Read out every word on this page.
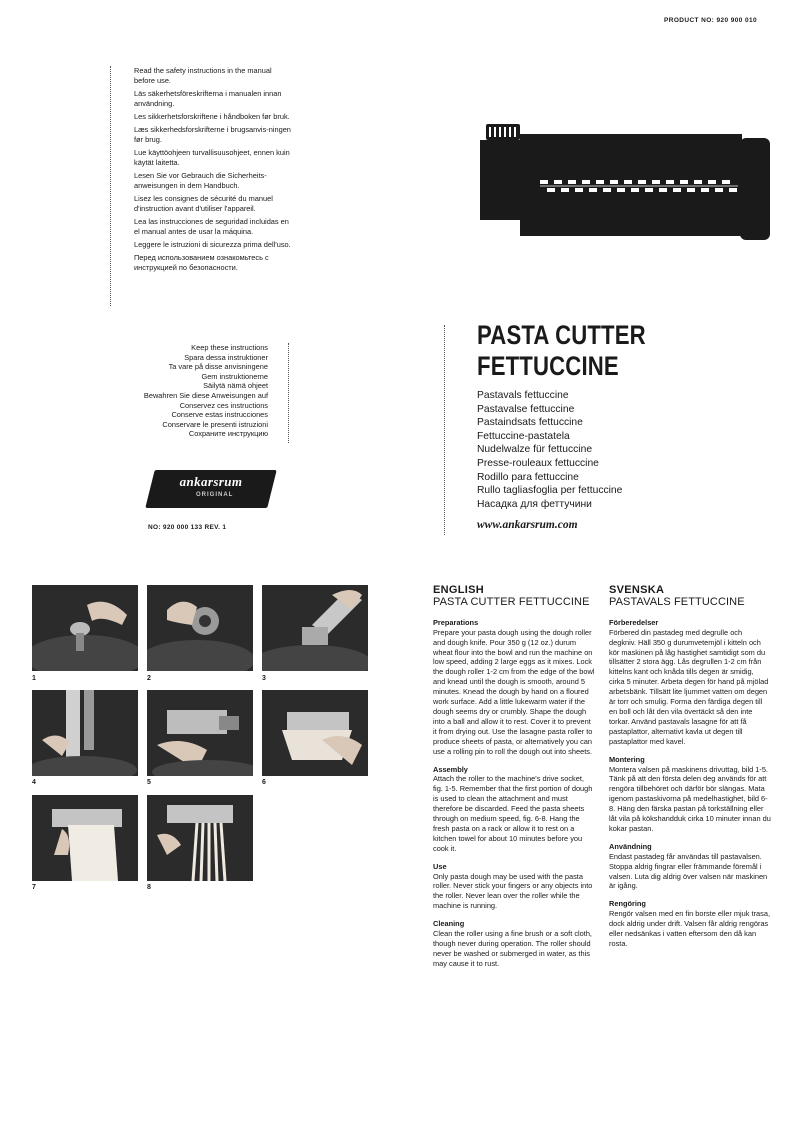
PRODUCT NO: 920 900 010

Read the safety instructions in the manual before use.

Läs säkerhetsföreskrifterna i manualen innan användning.

Les sikkerhetsforskriftene i håndboken før bruk.

Læs sikkerhedsforskrifterne i brugsanvis-ningen før brug.

Lue käyttöohjeen turvallisuusohjeet, ennen kuin käytät laitetta.

Lesen Sie vor Gebrauch die Sicherheits-anweisungen in dem Handbuch.

Lisez les consignes de sécurité du manuel d'instruction avant d'utiliser l'appareil.

Lea las instrucciones de seguridad incluidas en el manual antes de usar la máquina.

Leggere le istruzioni di sicurezza prima dell'uso.

Перед использованием ознакомьтесь с инструкцией по безопасности.

Keep these instructions
Spara dessa instruktioner
Ta vare på disse anvisningene
Gem instruktionerne
Säilytä nämä ohjeet
Bewahren Sie diese Anweisungen auf
Conservez ces instructions
Conserve estas instrucciones
Conservare le presenti istruzioni
Сохраните инструкцию
ankarsrum
ORIGINAL
NO: 920 000 133 REV. 1
PASTA CUTTER
FETTUCCINE
Pastavals fettuccine
Pastavalse fettuccine
Pastaindsats fettuccine
Fettuccine-pastatela
Nudelwalze für fettuccine
Presse-rouleaux fettuccine
Rodillo para fettuccine
Rullo tagliasfoglia per fettuccine
Насадка для феттучини
www.ankarsrum.com
1	2	3
4	5	6
7	8
ENGLISH
PASTA CUTTER FETTUCCINE
Preparations

Prepare your pasta dough using the dough roller and dough knife. Pour 350 g (12 oz.) durum wheat flour into the bowl and run the machine on low speed, adding 2 large eggs as it mixes. Lock the dough roller 1-2 cm from the edge of the bowl and knead until the dough is smooth, around 5 minutes. Knead the dough by hand on a floured work surface. Add a little lukewarm water if the dough seems dry or crumbly. Shape the dough into a ball and allow it to rest. Cover it to prevent it from drying out. Use the lasagne pasta roller to produce sheets of pasta, or alternatively you can use a rolling pin to roll the dough out into sheets.

Assembly

Attach the roller to the machine's drive socket, fig. 1-5. Remember that the first portion of dough is used to clean the attachment and must therefore be discarded. Feed the pasta sheets through on medium speed, fig. 6-8. Hang the fresh pasta on a rack or allow it to rest on a kitchen towel for about 10 minutes before you cook it.

Use

Only pasta dough may be used with the pasta roller. Never stick your fingers or any objects into the roller. Never lean over the roller while the machine is running.

Cleaning

Clean the roller using a fine brush or a soft cloth, though never during operation. The roller should never be washed or submerged in water, as this may cause it to rust.

SVENSKA
PASTAVALS FETTUCCINE
Förberedelser

Förbered din pastadeg med degrulle och degkniv. Häll 350 g durumvetemjöl i kitteln och kör maskinen på låg hastighet samtidigt som du tillsätter 2 stora ägg. Lås degrullen 1-2 cm från kittelns kant och knåda tills degen är smidig, cirka 5 minuter. Arbeta degen för hand på mjölad arbetsbänk. Tillsätt lite ljummet vatten om degen är torr och smulig. Forma den färdiga degen till en boll och låt den vila övertäckt så den inte torkar. Använd pastavals lasagne för att få pastaplattor, alternativt kavla ut degen till pastaplattor med kavel.

Montering

Montera valsen på maskinens drivuttag, bild 1-5. Tänk på att den första delen deg används för att rengöra tillbehöret och därför bör slängas. Mata igenom pastaskivorna på medelhastighet, bild 6-8. Häng den färska pastan på torkställning eller låt vila på kökshandduk cirka 10 minuter innan du kokar pastan.

Användning

Endast pastadeg får användas till pastavalsen. Stoppa aldrig fingrar eller främmande föremål i valsen. Luta dig aldrig över valsen när maskinen är igång.

Rengöring

Rengör valsen med en fin borste eller mjuk trasa, dock aldrig under drift. Valsen får aldrig rengöras eller nedsänkas i vatten eftersom den då kan rosta.
